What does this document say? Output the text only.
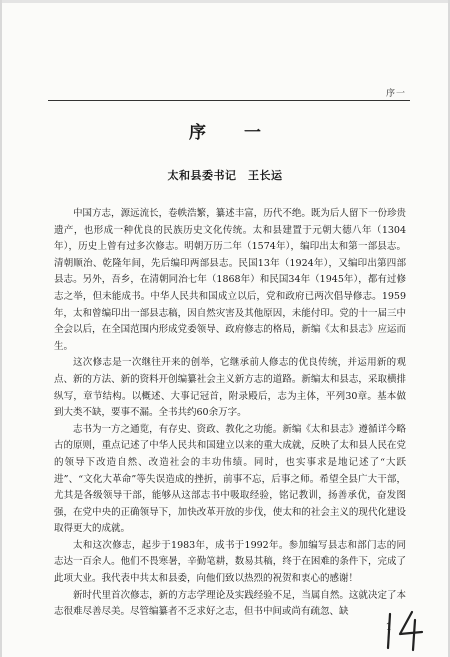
序一
序一
太和县委书记　王长运

中国方志，源远流长，卷帙浩繁，纂述丰富，历代不绝。既为后人留下一份珍贵遗产，也形成一种优良的民族历史文化传统。太和县建置于元朝大德八年（1304年），历史上曾有过多次修志。明朝万历二年（1574年），编印出太和第一部县志。清朝顺治、乾隆年间，先后编印两部县志。民国13年（1924年），又编印出第四部县志。另外，吾乡，在清朝同治七年（1868年）和民国34年（1945年），都有过修志之举，但未能成书。中华人民共和国成立以后，党和政府已两次倡导修志。1959年，太和曾编印出一部县志稿，因自然灾害及其他原因，未能付印。党的十一届三中全会以后，在全国范围内形成党委领导、政府修志的格局，新编《太和县志》应运而生。

这次修志是一次继往开来的创举，它继承前人修志的优良传统，并运用新的观点、新的方法、新的资料开创编纂社会主义新方志的道路。新编太和县志，采取横排纵写，章节结构。以概述、大事记冠首，附录殿后，志为主体，平列30章。基本做到大类不缺，要事不漏。全书共约60余万字。

志书为一方之通览，有存史、资政、教化之功能。新编《太和县志》遵循详今略古的原则，重点记述了中华人民共和国建立以来的重大成就，反映了太和县人民在党的领导下改造自然、改造社会的丰功伟绩。同时，也实事求是地记述了“大跃进”、“文化大革命”等失误造成的挫折，前事不忘，后事之师。希望全县广大干部，尤其是各级领导干部，能够从这部志书中吸取经验，铭记教训，扬善承优，奋发图强，在党中央的正确领导下，加快改革开放的步伐，使太和的社会主义的现代化建设取得更大的成就。

太和这次修志，起步于1983年，成书于1992年。参加编写县志和部门志的同志达一百余人。他们不畏寒暑，辛勤笔耕，数易其稿，终于在困难的条件下，完成了此项大业。我代表中共太和县委，向他们致以热烈的祝贺和衷心的感谢！

新时代里首次修志，新的方志学理论及实践经验不足，当属自然。这就决定了本志很难尽善尽美。尽管编纂者不乏求好之志，但书中间或尚有疏忽、缺

1
